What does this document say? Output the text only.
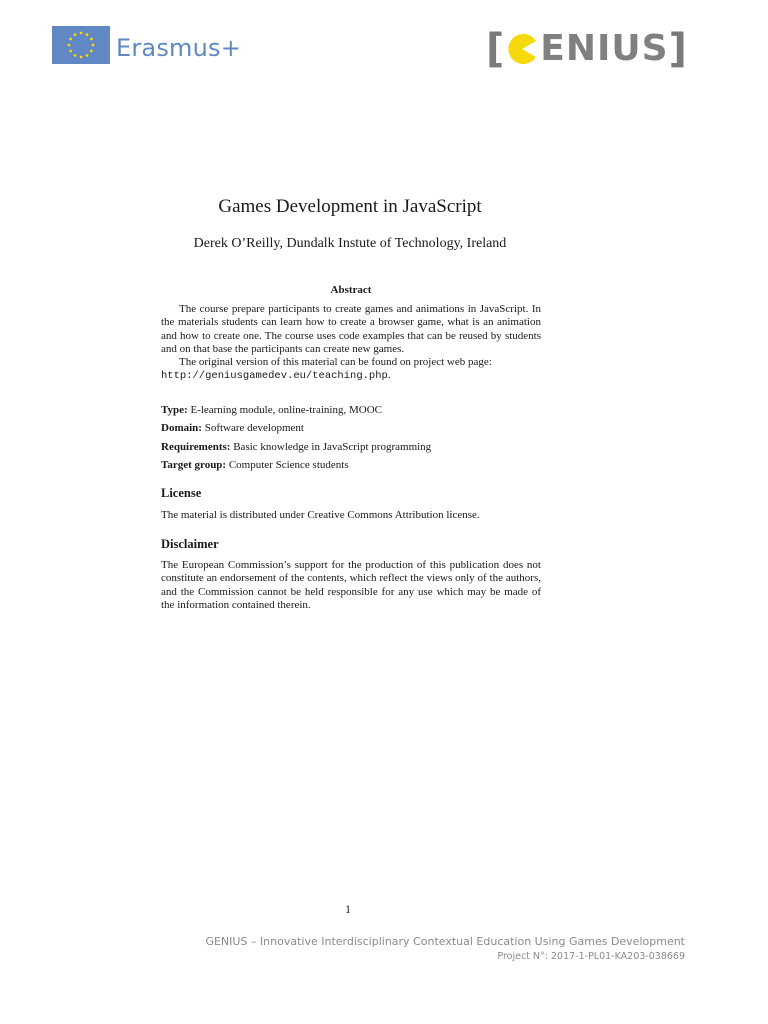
Erasmus+	[ ENIUS ]
Games Development in JavaScript
Derek O’Reilly, Dundalk Instute of Technology, Ireland
Abstract

The course prepare participants to create games and animations in JavaScript. In the materials students can learn how to create a browser game, what is an animation and how to create one. The course uses code examples that can be reused by students and on that base the participants can create new games.

The original version of this material can be found on project web page:
http://geniusgamedev.eu/teaching.php.

Type: E-learning module, online-training, MOOC
Domain: Software development
Requirements: Basic knowledge in JavaScript programming
Target group: Computer Science students
License
The material is distributed under Creative Commons Attribution license.
Disclaimer
The European Commission’s support for the production of this publication does not constitute an endorsement of the contents, which reflect the views only of the authors, and the Commission cannot be held responsible for any use which may be made of the information contained therein.
1
GENIUS – Innovative Interdisciplinary Contextual Education Using Games Development
Project N°: 2017-1-PL01-KA203-038669
